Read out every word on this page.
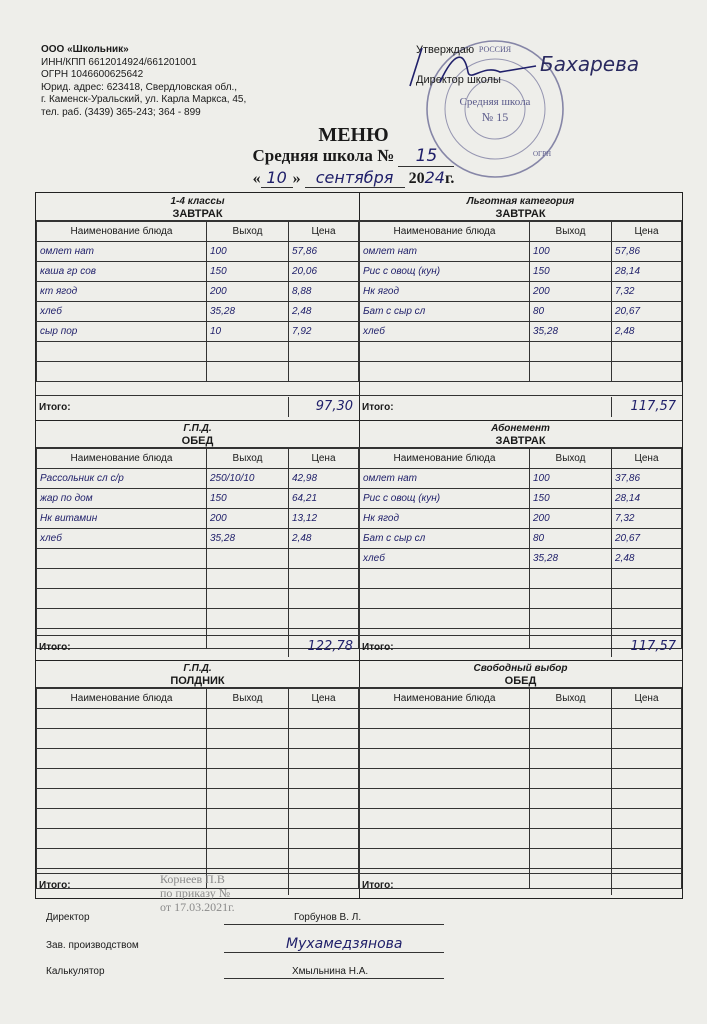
ООО «Школьник»
ИНН/КПП 6612014924/661201001
ОГРН 1046600625642
Юрид. адрес: 623418, Свердловская обл.,
г. Каменск-Уральский, ул. Карла Маркса, 45,
тел. раб. (3439) 365-243; 364 - 899
РОССИЯ
Средняя школа
№ 15
ОГРН
Утверждаю
Директор школы
Бахарева
МЕНЮ
Средняя школа № 15
« 10 » сентября 2024г.
1-4 классы
ЗАВТРАК
Наименование блюда	Выход	Цена
омлет нат	100	57,86
каша гр сов	150	20,06
кт ягод	200	8,88
хлеб	35,28	2,48
сыр пор	10	7,92

Итого:	97,30
Льготная категория
ЗАВТРАК
Наименование блюда	Выход	Цена
омлет нат	100	57,86
Рис с овощ (кун)	150	28,14
Нк ягод	200	7,32
Бат с сыр сл	80	20,67
хлеб	35,28	2,48

Итого:	117,57
Г.П.Д.
ОБЕД
Наименование блюда	Выход	Цена
Рассольник сл с/р	250/10/10	42,98
жар по дом	150	64,21
Нк витамин	200	13,12
хлеб	35,28	2,48

Итого:	122,78
Абонемент
ЗАВТРАК
Наименование блюда	Выход	Цена
омлет нат	100	37,86
Рис с овощ (кун)	150	28,14
Нк ягод	200	7,32
Бат с сыр сл	80	20,67
хлеб	35,28	2,48

Итого:	117,57
Г.П.Д.
ПОЛДНИК
Наименование блюда	Выход	Цена

Итого:
Свободный выбор
ОБЕД
Наименование блюда	Выход	Цена

Итого:
Корнеев П.В
по приказу №
от 17.03.2021г.
Директор	Горбунов В. Л.
Зав. производством	Мухамедзянова
Калькулятор	Хмыльнина Н.А.
